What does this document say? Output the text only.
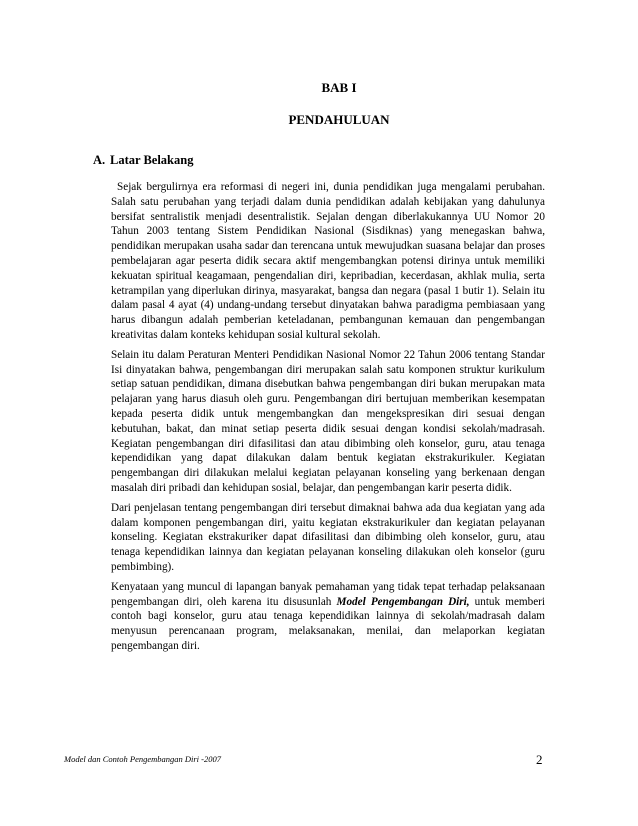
BAB I
PENDAHULUAN
A. Latar Belakang

Sejak bergulirnya era reformasi di negeri ini, dunia pendidikan juga mengalami perubahan. Salah satu perubahan yang terjadi dalam dunia pendidikan adalah kebijakan yang dahulunya bersifat sentralistik menjadi desentralistik. Sejalan dengan diberlakukannya UU Nomor 20 Tahun 2003 tentang Sistem Pendidikan Nasional (Sisdiknas) yang menegaskan bahwa, pendidikan merupakan usaha sadar dan terencana untuk mewujudkan suasana belajar dan proses pembelajaran agar peserta didik secara aktif mengembangkan potensi dirinya untuk memiliki kekuatan spiritual keagamaan, pengendalian diri, kepribadian, kecerdasan, akhlak mulia, serta ketrampilan yang diperlukan dirinya, masyarakat, bangsa dan negara (pasal 1 butir 1). Selain itu dalam pasal 4 ayat (4) undang-undang tersebut dinyatakan bahwa paradigma pembiasaan yang harus dibangun adalah pemberian keteladanan, pembangunan kemauan dan pengembangan kreativitas dalam konteks kehidupan sosial kultural sekolah.

Selain itu dalam Peraturan Menteri Pendidikan Nasional Nomor 22 Tahun 2006 tentang Standar Isi dinyatakan bahwa, pengembangan diri merupakan salah satu komponen struktur kurikulum setiap satuan pendidikan, dimana disebutkan bahwa pengembangan diri bukan merupakan mata pelajaran yang harus diasuh oleh guru. Pengembangan diri bertujuan memberikan kesempatan kepada peserta didik untuk mengembangkan dan mengekspresikan diri sesuai dengan kebutuhan, bakat, dan minat setiap peserta didik sesuai dengan kondisi sekolah/madrasah. Kegiatan pengembangan diri difasilitasi dan atau dibimbing oleh konselor, guru, atau tenaga kependidikan yang dapat dilakukan dalam bentuk kegiatan ekstrakurikuler. Kegiatan pengembangan diri dilakukan melalui kegiatan pelayanan konseling yang berkenaan dengan masalah diri pribadi dan kehidupan sosial, belajar, dan pengembangan karir peserta didik.

Dari penjelasan tentang pengembangan diri tersebut dimaknai bahwa ada dua kegiatan yang ada dalam komponen pengembangan diri, yaitu kegiatan ekstrakurikuler dan kegiatan pelayanan konseling. Kegiatan ekstrakuriker dapat difasilitasi dan dibimbing oleh konselor, guru, atau tenaga kependidikan lainnya dan kegiatan pelayanan konseling dilakukan oleh konselor (guru pembimbing).

Kenyataan yang muncul di lapangan banyak pemahaman yang tidak tepat terhadap pelaksanaan pengembangan diri, oleh karena itu disusunlah Model Pengembangan Diri, untuk memberi contoh bagi konselor, guru atau tenaga kependidikan lainnya di sekolah/madrasah dalam menyusun perencanaan program, melaksanakan, menilai, dan melaporkan kegiatan pengembangan diri.

Model dan Contoh Pengembangan Diri -2007	2
